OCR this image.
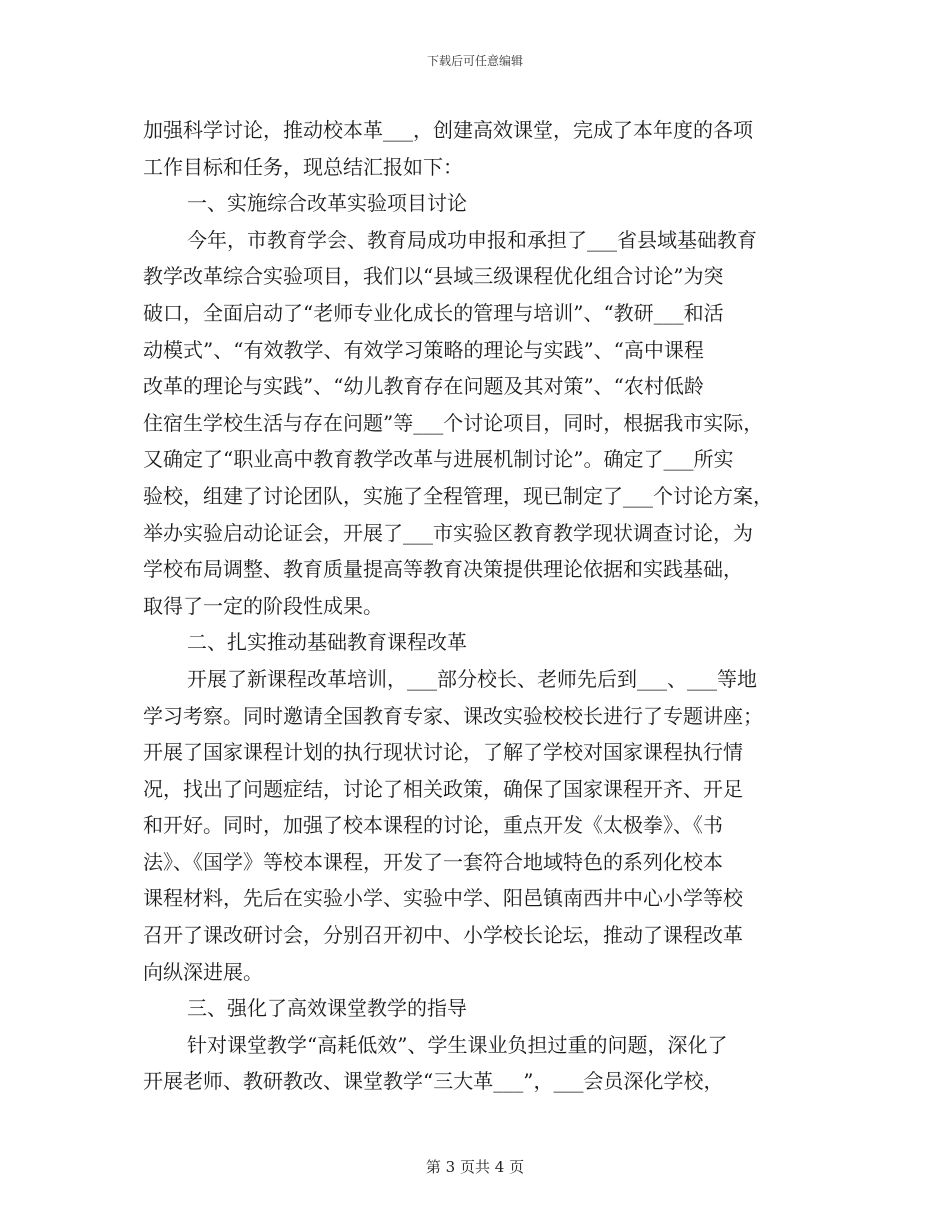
下载后可任意编辑
加强科学讨论，推动校本革___，创建高效课堂，完成了本年度的各项
工作目标和任务，现总结汇报如下：
一、实施综合改革实验项目讨论
今年，市教育学会、教育局成功申报和承担了___省县域基础教育
教学改革综合实验项目，我们以“县域三级课程优化组合讨论”为突
破口，全面启动了“老师专业化成长的管理与培训”、“教研___和活
动模式”、“有效教学、有效学习策略的理论与实践”、“高中课程
改革的理论与实践”、“幼儿教育存在问题及其对策”、“农村低龄
住宿生学校生活与存在问题”等___个讨论项目，同时，根据我市实际，
又确定了“职业高中教育教学改革与进展机制讨论”。确定了___所实
验校，组建了讨论团队，实施了全程管理，现已制定了___个讨论方案，
举办实验启动论证会，开展了___市实验区教育教学现状调查讨论，为
学校布局调整、教育质量提高等教育决策提供理论依据和实践基础，
取得了一定的阶段性成果。
二、扎实推动基础教育课程改革
开展了新课程改革培训，___部分校长、老师先后到___、___等地
学习考察。同时邀请全国教育专家、课改实验校校长进行了专题讲座；
开展了国家课程计划的执行现状讨论，了解了学校对国家课程执行情
况，找出了问题症结，讨论了相关政策，确保了国家课程开齐、开足
和开好。同时，加强了校本课程的讨论，重点开发《太极拳》、《书
法》、《国学》等校本课程，开发了一套符合地域特色的系列化校本
课程材料，先后在实验小学、实验中学、阳邑镇南西井中心小学等校
召开了课改研讨会，分别召开初中、小学校长论坛，推动了课程改革
向纵深进展。
三、强化了高效课堂教学的指导
针对课堂教学“高耗低效”、学生课业负担过重的问题，深化了
开展老师、教研教改、课堂教学“三大革___”，___会员深化学校，
第 3 页共 4 页
